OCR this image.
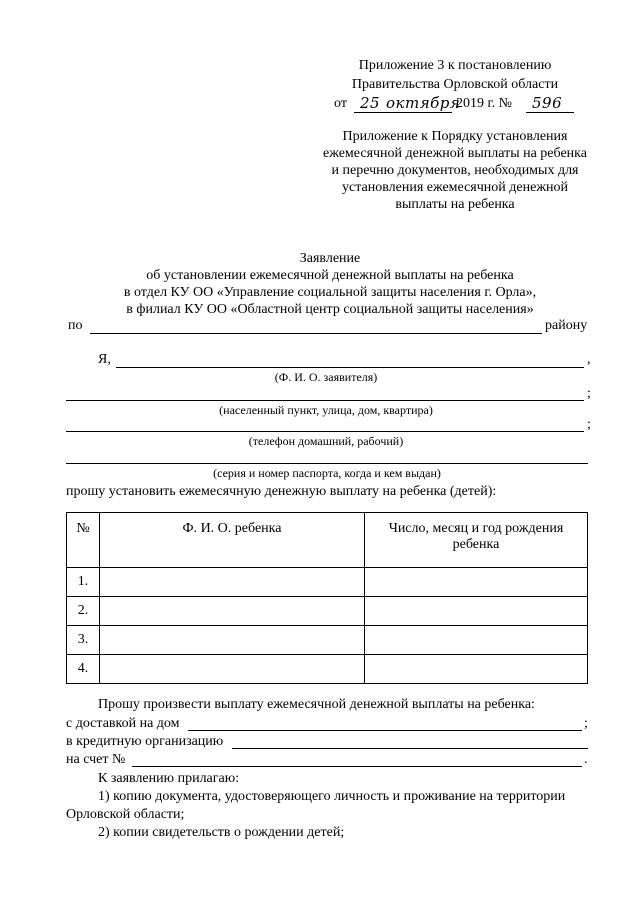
Приложение 3 к постановлению
Правительства Орловской области
от 25 октября
2019 г. № 596
Приложение к Порядку установления
ежемесячной денежной выплаты на ребенка
и перечню документов, необходимых для
установления ежемесячной денежной
выплаты на ребенка
Заявление
об установлении ежемесячной денежной выплаты на ребенка
в отдел КУ ОО «Управление социальной защиты населения г. Орла»,
в филиал КУ ОО «Областной центр социальной защиты населения»
по	району
Я,	,
(Ф. И. О. заявителя)
;
(населенный пункт, улица, дом, квартира)
;
(телефон домашний, рабочий)
(серия и номер паспорта, когда и кем выдан)
прошу установить ежемесячную денежную выплату на ребенка (детей):
№	Ф. И. О. ребенка	Число, месяц и год рождения ребенка
1.		
2.		
3.		
4.		
Прошу произвести выплату ежемесячной денежной выплаты на ребенка:
с доставкой на дом	;
в кредитную организацию
на счет №	.
К заявлению прилагаю:
1) копию документа, удостоверяющего личность и проживание на территории
Орловской области;
2) копии свидетельств о рождении детей;
